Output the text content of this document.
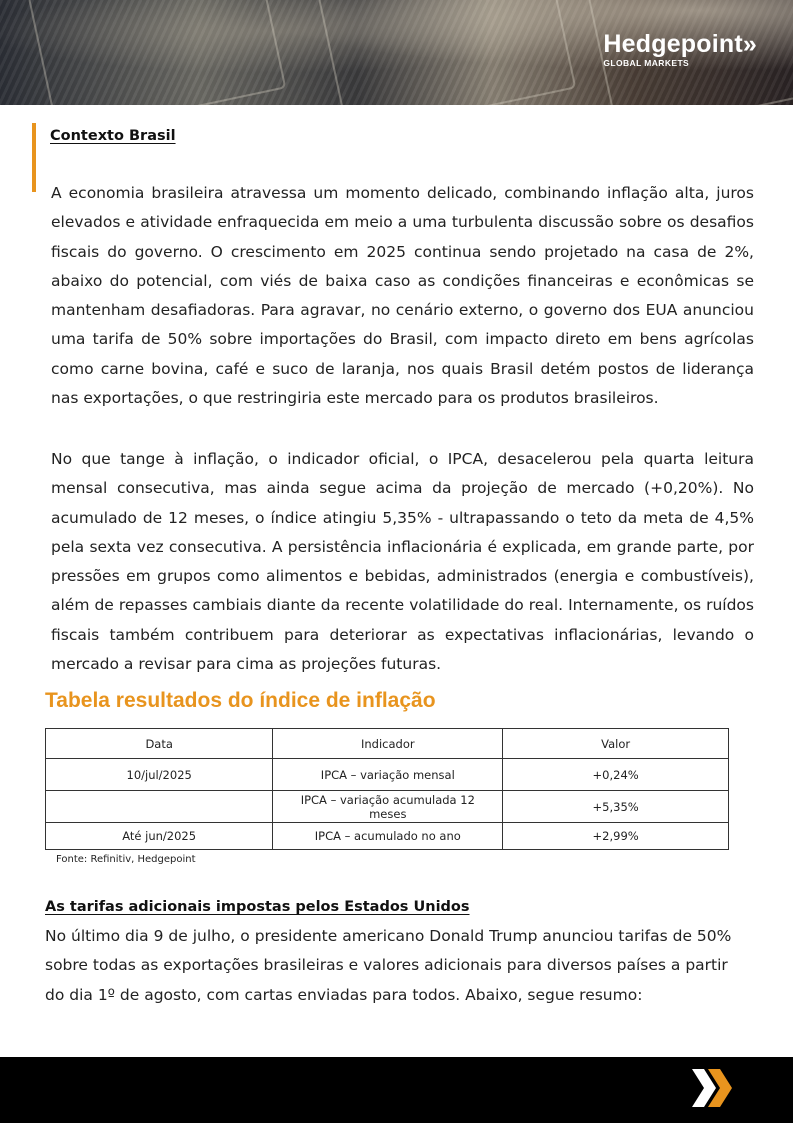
Hedgepoint»
GLOBAL MARKETS
Contexto Brasil

A economia brasileira atravessa um momento delicado, combinando inflação alta, juros elevados e atividade enfraquecida em meio a uma turbulenta discussão sobre os desafios fiscais do governo. O crescimento em 2025 continua sendo projetado na casa de 2%, abaixo do potencial, com viés de baixa caso as condições financeiras e econômicas se mantenham desafiadoras. Para agravar, no cenário externo, o governo dos EUA anunciou uma tarifa de 50% sobre importações do Brasil, com impacto direto em bens agrícolas como carne bovina, café e suco de laranja, nos quais Brasil detém postos de liderança nas exportações, o que restringiria este mercado para os produtos brasileiros.

No que tange à inflação, o indicador oficial, o IPCA, desacelerou pela quarta leitura mensal consecutiva, mas ainda segue acima da projeção de mercado (+0,20%). No acumulado de 12 meses, o índice atingiu 5,35% - ultrapassando o teto da meta de 4,5% pela sexta vez consecutiva. A persistência inflacionária é explicada, em grande parte, por pressões em grupos como alimentos e bebidas, administrados (energia e combustíveis), além de repasses cambiais diante da recente volatilidade do real. Internamente, os ruídos fiscais também contribuem para deteriorar as expectativas inflacionárias, levando o mercado a revisar para cima as projeções futuras.

Tabela resultados do índice de inflação
Data	Indicador	Valor
10/jul/2025	IPCA – variação mensal	+0,24%
	IPCA – variação acumulada 12 meses	+5,35%
Até jun/2025	IPCA – acumulado no ano	+2,99%

Fonte: Refinitiv, Hedgepoint

As tarifas adicionais impostas pelos Estados Unidos

No último dia 9 de julho, o presidente americano Donald Trump anunciou tarifas de 50% sobre todas as exportações brasileiras e valores adicionais para diversos países a partir do dia 1º de agosto, com cartas enviadas para todos. Abaixo, segue resumo:
